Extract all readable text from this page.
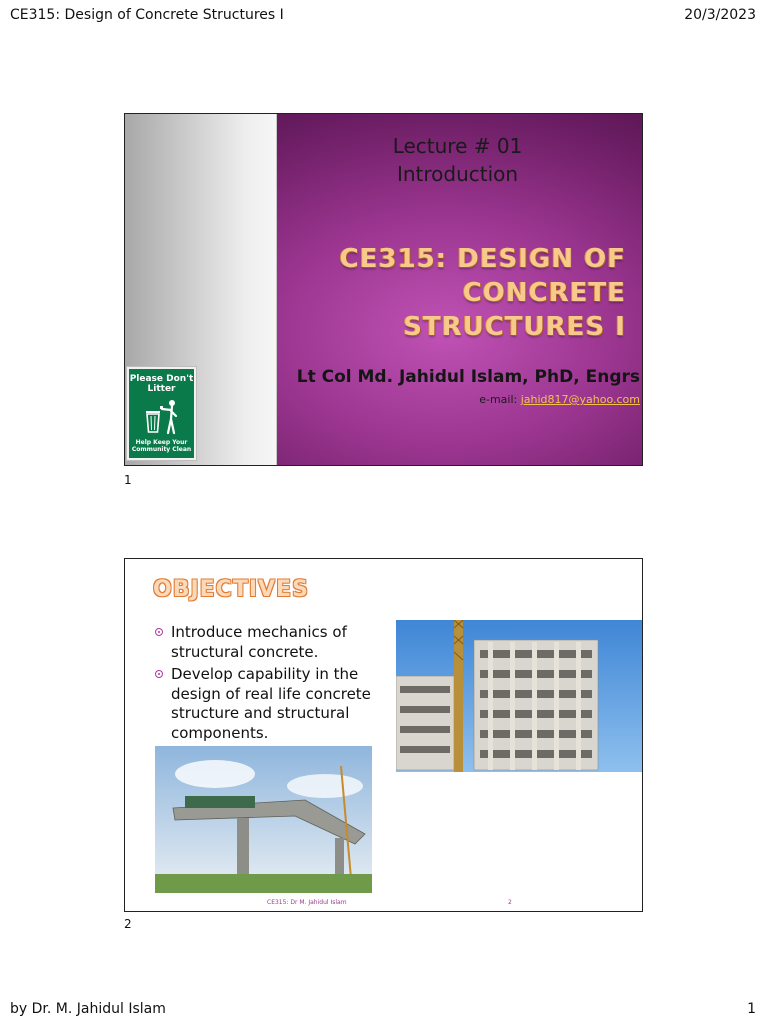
CE315: Design of Concrete Structures I	20/3/2023
Please Don't
Litter
Help Keep Your
Community Clean
Lecture # 01
Introduction
CE315: DESIGN OF CONCRETE
STRUCTURES I
Lt Col Md. Jahidul Islam, PhD, Engrs
e-mail: jahid817@yahoo.com
1
OBJECTIVES
Introduce mechanics of structural concrete.
Develop capability in the design of real life concrete structure and structural components.
CE315: Dr M. Jahidul Islam	2
2
by Dr. M. Jahidul Islam	1
